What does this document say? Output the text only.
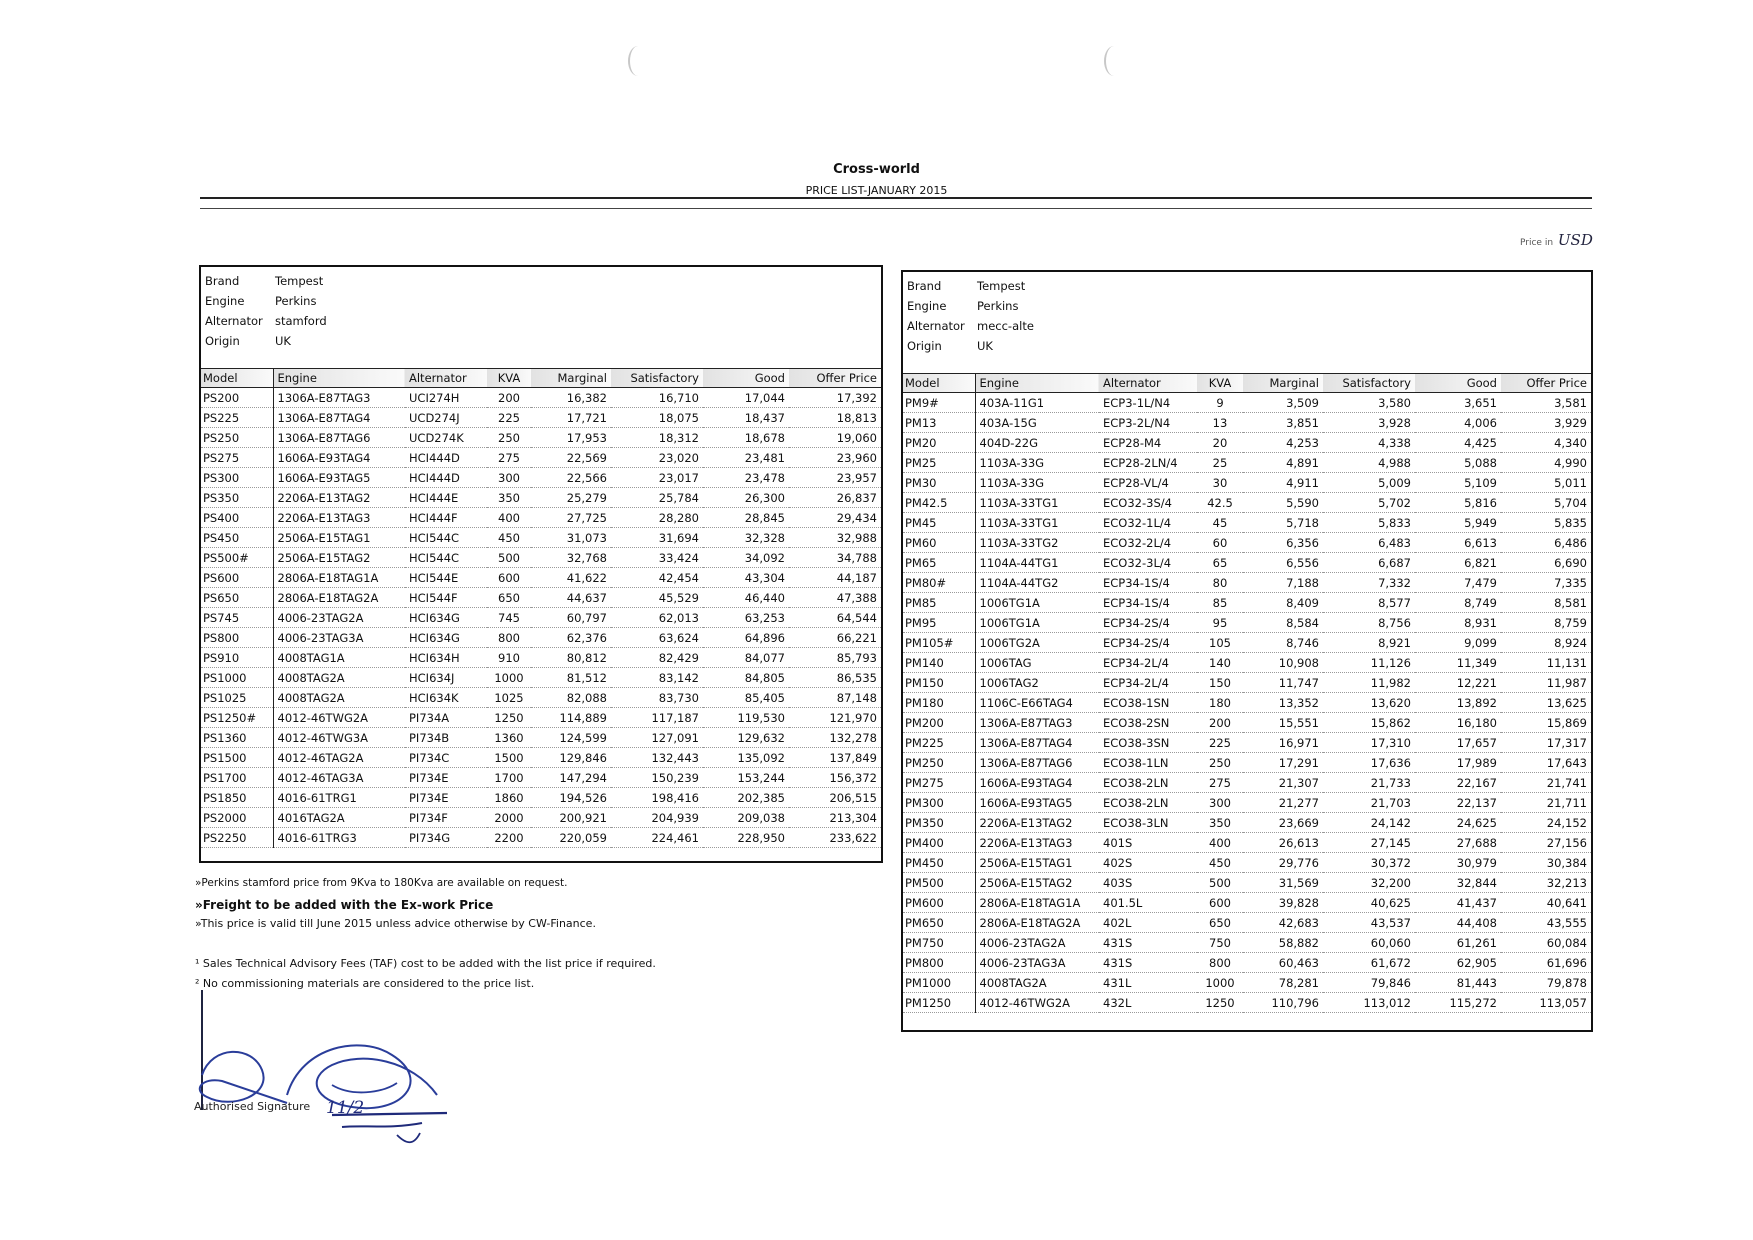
Cross-world
PRICE LIST-JANUARY 2015
Price in USD
Brand	Tempest
Engine	Perkins
Alternator stamford
Origin	UK
Model	Engine	Alternator	KVA	Marginal	Satisfactory	Good	Offer Price
PS200	1306A-E87TAG3	UCI274H	200	16,382	16,710	17,044	17,392
PS225	1306A-E87TAG4	UCD274J	225	17,721	18,075	18,437	18,813
PS250	1306A-E87TAG6	UCD274K	250	17,953	18,312	18,678	19,060
PS275	1606A-E93TAG4	HCI444D	275	22,569	23,020	23,481	23,960
PS300	1606A-E93TAG5	HCI444D	300	22,566	23,017	23,478	23,957
PS350	2206A-E13TAG2	HCI444E	350	25,279	25,784	26,300	26,837
PS400	2206A-E13TAG3	HCI444F	400	27,725	28,280	28,845	29,434
PS450	2506A-E15TAG1	HCI544C	450	31,073	31,694	32,328	32,988
PS500#	2506A-E15TAG2	HCI544C	500	32,768	33,424	34,092	34,788
PS600	2806A-E18TAG1A	HCI544E	600	41,622	42,454	43,304	44,187
PS650	2806A-E18TAG2A	HCI544F	650	44,637	45,529	46,440	47,388
PS745	4006-23TAG2A	HCI634G	745	60,797	62,013	63,253	64,544
PS800	4006-23TAG3A	HCI634G	800	62,376	63,624	64,896	66,221
PS910	4008TAG1A	HCI634H	910	80,812	82,429	84,077	85,793
PS1000	4008TAG2A	HCI634J	1000	81,512	83,142	84,805	86,535
PS1025	4008TAG2A	HCI634K	1025	82,088	83,730	85,405	87,148
PS1250#	4012-46TWG2A	PI734A	1250	114,889	117,187	119,530	121,970
PS1360	4012-46TWG3A	PI734B	1360	124,599	127,091	129,632	132,278
PS1500	4012-46TAG2A	PI734C	1500	129,846	132,443	135,092	137,849
PS1700	4012-46TAG3A	PI734E	1700	147,294	150,239	153,244	156,372
PS1850	4016-61TRG1	PI734E	1860	194,526	198,416	202,385	206,515
PS2000	4016TAG2A	PI734F	2000	200,921	204,939	209,038	213,304
PS2250	4016-61TRG3	PI734G	2200	220,059	224,461	228,950	233,622
Brand	Tempest
Engine	Perkins
Alternator mecc-alte
Origin	UK
Model	Engine	Alternator	KVA	Marginal	Satisfactory	Good	Offer Price
PM9#	403A-11G1	ECP3-1L/N4	9	3,509	3,580	3,651	3,581
PM13	403A-15G	ECP3-2L/N4	13	3,851	3,928	4,006	3,929
PM20	404D-22G	ECP28-M4	20	4,253	4,338	4,425	4,340
PM25	1103A-33G	ECP28-2LN/4	25	4,891	4,988	5,088	4,990
PM30	1103A-33G	ECP28-VL/4	30	4,911	5,009	5,109	5,011
PM42.5	1103A-33TG1	ECO32-3S/4	42.5	5,590	5,702	5,816	5,704
PM45	1103A-33TG1	ECO32-1L/4	45	5,718	5,833	5,949	5,835
PM60	1103A-33TG2	ECO32-2L/4	60	6,356	6,483	6,613	6,486
PM65	1104A-44TG1	ECO32-3L/4	65	6,556	6,687	6,821	6,690
PM80#	1104A-44TG2	ECP34-1S/4	80	7,188	7,332	7,479	7,335
PM85	1006TG1A	ECP34-1S/4	85	8,409	8,577	8,749	8,581
PM95	1006TG1A	ECP34-2S/4	95	8,584	8,756	8,931	8,759
PM105#	1006TG2A	ECP34-2S/4	105	8,746	8,921	9,099	8,924
PM140	1006TAG	ECP34-2L/4	140	10,908	11,126	11,349	11,131
PM150	1006TAG2	ECP34-2L/4	150	11,747	11,982	12,221	11,987
PM180	1106C-E66TAG4	ECO38-1SN	180	13,352	13,620	13,892	13,625
PM200	1306A-E87TAG3	ECO38-2SN	200	15,551	15,862	16,180	15,869
PM225	1306A-E87TAG4	ECO38-3SN	225	16,971	17,310	17,657	17,317
PM250	1306A-E87TAG6	ECO38-1LN	250	17,291	17,636	17,989	17,643
PM275	1606A-E93TAG4	ECO38-2LN	275	21,307	21,733	22,167	21,741
PM300	1606A-E93TAG5	ECO38-2LN	300	21,277	21,703	22,137	21,711
PM350	2206A-E13TAG2	ECO38-3LN	350	23,669	24,142	24,625	24,152
PM400	2206A-E13TAG3	401S	400	26,613	27,145	27,688	27,156
PM450	2506A-E15TAG1	402S	450	29,776	30,372	30,979	30,384
PM500	2506A-E15TAG2	403S	500	31,569	32,200	32,844	32,213
PM600	2806A-E18TAG1A	401.5L	600	39,828	40,625	41,437	40,641
PM650	2806A-E18TAG2A	402L	650	42,683	43,537	44,408	43,555
PM750	4006-23TAG2A	431S	750	58,882	60,060	61,261	60,084
PM800	4006-23TAG3A	431S	800	60,463	61,672	62,905	61,696
PM1000	4008TAG2A	431L	1000	78,281	79,846	81,443	79,878
PM1250	4012-46TWG2A	432L	1250	110,796	113,012	115,272	113,057
»Perkins stamford price from 9Kva to 180Kva are available on request.
»Freight to be added with the Ex-work Price
»This price is valid till June 2015 unless advice otherwise by CW-Finance.
¹ Sales Technical Advisory Fees (TAF) cost to be added with the list price if required.
² No commissioning materials are considered to the price list.
11/2
Authorised Signature
